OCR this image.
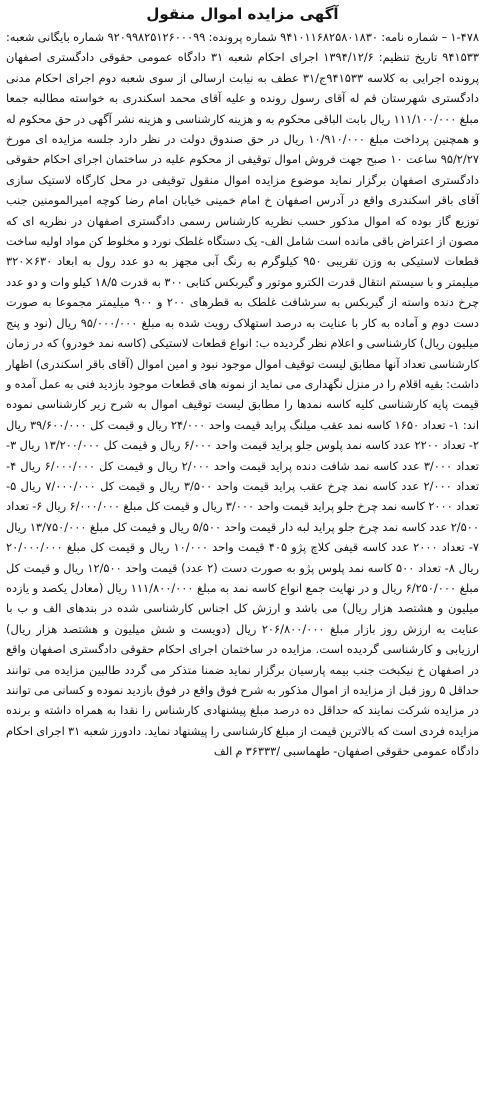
آگهی مزایده اموال منقول

۱-۴۷۸ – شماره نامه: ۹۴۱۰۱۱۶۸۲۵۸۰۱۸۳۰ شماره پرونده: ۹۲۰۹۹۸۲۵۱۲۶۰۰۰۹۹ شماره بایگانی شعبه: ۹۴۱۵۳۳ تاریخ تنظیم: ۱۳۹۴/۱۲/۶ اجرای احکام شعبه ۳۱ دادگاه عمومی حقوقی دادگستری اصفهان پرونده اجرایی به کلاسه ۹۴۱۵۳۳ج/۳۱ عطف به نیابت ارسالی از سوی شعبه دوم اجرای احکام مدنی دادگستری شهرستان قم له آقای رسول رونده و علیه آقای محمد اسکندری به خواسته مطالبه جمعا مبلغ ۱۱۱/۱۰۰/۰۰۰ ریال بابت الباقی محکوم به و هزینه کارشناسی و هزینه نشر آگهی در حق محکوم له و همچنین پرداخت مبلغ ۱۰/۹۱۰/۰۰۰ ریال در حق صندوق دولت در نظر دارد جلسه مزایده ای مورخ ۹۵/۲/۲۷ ساعت ۱۰ صبح جهت فروش اموال توقیفی از محکوم علیه در ساختمان اجرای احکام حقوقی دادگستری اصفهان برگزار نماید موضوع مزایده اموال منقول توقیفی در محل کارگاه لاستیک سازی آقای باقر اسکندری واقع در آدرس اصفهان خ امام خمینی خیابان امام رضا کوچه امیرالمومنین جنب توزیع گاز بوده که اموال مذکور حسب نظریه کارشناس رسمی دادگستری اصفهان در نظریه ای که مصون از اعتراض باقی مانده است شامل الف- یک دستگاه غلطک نورد و مخلوط کن مواد اولیه ساخت قطعات لاستیکی به وزن تقریبی ۹۵۰ کیلوگرم به رنگ آبی مجهز به دو عدد رول به ابعاد ۶۳۰×۳۲۰ میلیمتر و با سیستم انتقال قدرت الکترو موتور و گیربکس کتابی ۳۰۰ به قدرت ۱۸/۵ کیلو وات و دو عدد چرخ دنده واسته از گیربکس به سرشافت غلطک به قطرهای ۲۰۰ و ۹۰۰ میلیمتر مجموعا به صورت دست دوم و آماده به کار با عنایت به درصد استهلاک رویت شده به مبلغ ۹۵/۰۰۰/۰۰۰ ریال (نود و پنج میلیون ریال) کارشناسی و اعلام نظر گردیده ب: انواع قطعات لاستیکی (کاسه نمد خودرو) که در زمان کارشناسی تعداد آنها مطابق لیست توقیف اموال موجود نبود و امین اموال (آقای باقر اسکندری) اظهار داشت: بقیه اقلام را در منزل نگهداری می نماید از نمونه های قطعات موجود بازدید فنی به عمل آمده و قیمت پایه کارشناسی کلیه کاسه نمدها را مطابق لیست توقیف اموال به شرح زیر کارشناسی نموده اند: ۱- تعداد ۱۶۵۰ کاسه نمد عقب میلنگ پراید قیمت واحد ۲۴/۰۰۰ ریال و قیمت کل ۳۹/۶۰۰/۰۰۰ ریال ۲- تعداد ۲۲۰۰ عدد کاسه نمد پلوس جلو پراید قیمت واحد ۶/۰۰۰ ریال و قیمت کل ۱۳/۲۰۰/۰۰۰ ریال ۳- تعداد ۳/۰۰۰ عدد کاسه نمد شافت دنده پراید قیمت واحد ۲/۰۰۰ ریال و قیمت کل ۶/۰۰۰/۰۰۰ ریال ۴- تعداد ۲/۰۰۰ عدد کاسه نمد چرخ عقب پراید قیمت واحد ۳/۵۰۰ ریال و قیمت کل ۷/۰۰۰/۰۰۰ ریال ۵- تعداد ۲۰۰۰ کاسه نمد چرخ جلو پراید قیمت واحد ۳/۰۰۰ ریال و قیمت کل مبلغ ۶/۰۰۰/۰۰۰ ریال ۶- تعداد ۲/۵۰۰ عدد کاسه نمد چرخ جلو پراید لبه دار قیمت واحد ۵/۵۰۰ ریال و قیمت کل مبلغ ۱۳/۷۵۰/۰۰۰ ریال ۷- تعداد ۲۰۰۰ عدد کاسه قیفی کلاچ پژو ۴۰۵ قیمت واحد ۱۰/۰۰۰ ریال و قیمت کل مبلغ ۲۰/۰۰۰/۰۰۰ ریال ۸- تعداد ۵۰۰ کاسه نمد پلوس پژو به صورت دست (۲ عدد) قیمت واحد ۱۲/۵۰۰ ریال و قیمت کل مبلغ ۶/۲۵۰/۰۰۰ ریال و در نهایت جمع انواع کاسه نمد به مبلغ ۱۱۱/۸۰۰/۰۰۰ ریال (معادل یکصد و یازده میلیون و هشتصد هزار ریال) می باشد و ارزش کل اجناس کارشناسی شده در بندهای الف و ب با عنایت به ارزش روز بازار مبلغ ۲۰۶/۸۰۰/۰۰۰ ریال (دویست و شش میلیون و هشتصد هزار ریال) ارزیابی و کارشناسی گردیده است. مزایده در ساختمان اجرای احکام حقوقی دادگستری اصفهان واقع در اصفهان خ نیکبخت جنب بیمه پارسیان برگزار نماید ضمنا متذکر می گردد طالبین مزایده می توانند حداقل ۵ روز قبل از مزایده از اموال مذکور به شرح فوق واقع در فوق بازدید نموده و کسانی می توانند در مزایده شرکت نمایند که حداقل ده درصد مبلغ پیشنهادی کارشناس را نقدا به همراه داشته و برنده مزایده فردی است که بالاترین قیمت از مبلغ کارشناسی را پیشنهاد نماید. دادورز شعبه ۳۱ اجرای احکام دادگاه عمومی حقوقی اصفهان- طهماسبی /۳۶۳۳۳ م الف
